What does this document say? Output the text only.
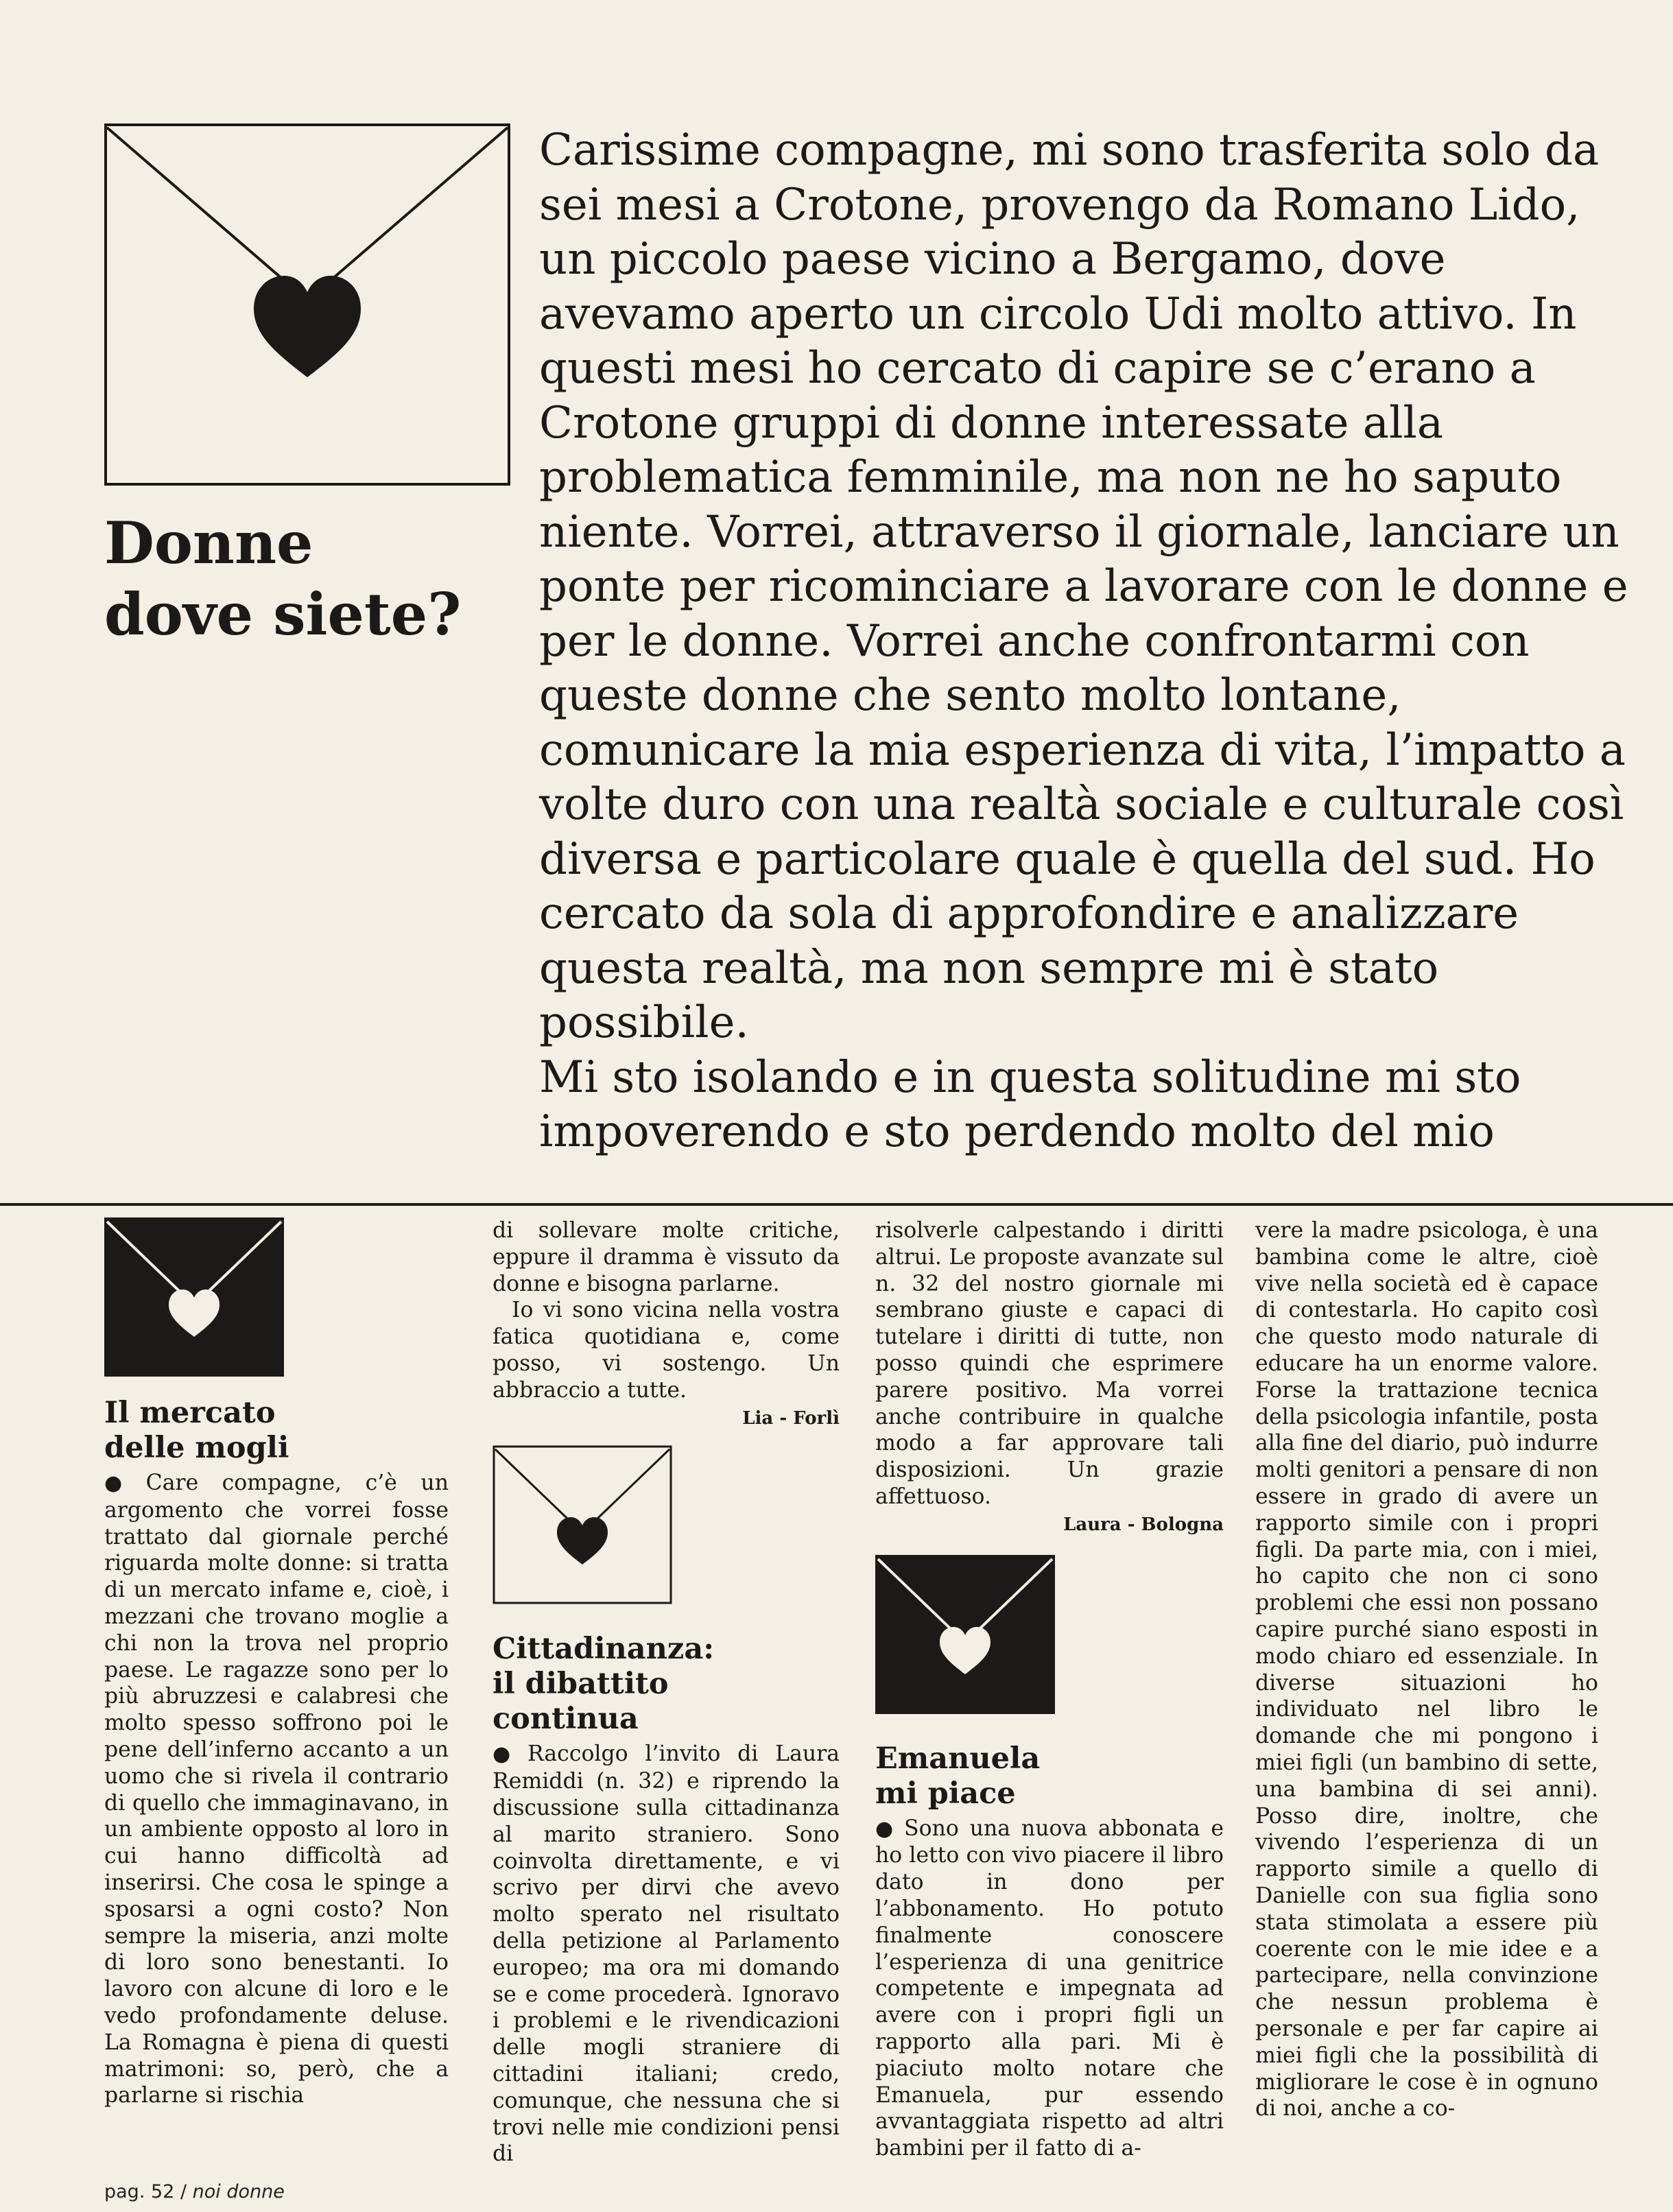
Donne
dove siete?

Carissime compagne, mi sono trasferita solo da sei mesi a Crotone, provengo da Romano Lido, un piccolo paese vicino a Bergamo, dove avevamo aperto un circolo Udi molto attivo. In questi mesi ho cercato di capire se c’erano a Crotone gruppi di donne interessate alla problematica femminile, ma non ne ho saputo niente. Vorrei, attraverso il giornale, lanciare un ponte per ricominciare a lavorare con le donne e per le donne. Vorrei anche confrontarmi con queste donne che sento molto lontane, comunicare la mia esperienza di vita, l’impatto a volte duro con una realtà sociale e culturale così diversa e particolare quale è quella del sud. Ho cercato da sola di approfondire e analizzare questa realtà, ma non sempre mi è stato possibile.

Mi sto isolando e in questa solitudine mi sto impoverendo e sto perdendo molto del mio

Il mercato
delle mogli

● Care compagne, c’è un argomento che vorrei fosse trattato dal giornale perché riguarda molte donne: si tratta di un mercato infame e, cioè, i mezzani che trovano moglie a chi non la trova nel proprio paese. Le ragazze sono per lo più abruzzesi e calabresi che molto spesso soffrono poi le pene dell’inferno accanto a un uomo che si rivela il contrario di quello che immaginavano, in un ambiente opposto al loro in cui hanno difficoltà ad inserirsi. Che cosa le spinge a sposarsi a ogni costo? Non sempre la miseria, anzi molte di loro sono benestanti. Io lavoro con alcune di loro e le vedo profondamente deluse. La Romagna è piena di questi matrimoni: so, però, che a parlarne si rischia

di sollevare molte critiche, eppure il dramma è vissuto da donne e bisogna parlarne.

Io vi sono vicina nella vostra fatica quotidiana e, come posso, vi sostengo. Un abbraccio a tutte.

Lia - Forlì

Cittadinanza:
il dibattito
continua

● Raccolgo l’invito di Laura Remiddi (n. 32) e riprendo la discussione sulla cittadinanza al marito straniero. Sono coinvolta direttamente, e vi scrivo per dirvi che avevo molto sperato nel risultato della petizione al Parlamento europeo; ma ora mi domando se e come procederà. Ignoravo i problemi e le rivendicazioni delle mogli straniere di cittadini italiani; credo, comunque, che nessuna che si trovi nelle mie condizioni pensi di

risolverle calpestando i diritti altrui. Le proposte avanzate sul n. 32 del nostro giornale mi sembrano giuste e capaci di tutelare i diritti di tutte, non posso quindi che esprimere parere positivo. Ma vorrei anche contribuire in qualche modo a far approvare tali disposizioni. Un grazie affettuoso.

Laura - Bologna

Emanuela
mi piace

● Sono una nuova abbonata e ho letto con vivo piacere il libro dato in dono per l’abbonamento. Ho potuto finalmente conoscere l’esperienza di una genitrice competente e impegnata ad avere con i propri figli un rapporto alla pari. Mi è piaciuto molto notare che Emanuela, pur essendo avvantaggiata rispetto ad altri bambini per il fatto di a-

vere la madre psicologa, è una bambina come le altre, cioè vive nella società ed è capace di contestarla. Ho capito così che questo modo naturale di educare ha un enorme valore. Forse la trattazione tecnica della psicologia infantile, posta alla fine del diario, può indurre molti genitori a pensare di non essere in grado di avere un rapporto simile con i propri figli. Da parte mia, con i miei, ho capito che non ci sono problemi che essi non possano capire purché siano esposti in modo chiaro ed essenziale. In diverse situazioni ho individuato nel libro le domande che mi pongono i miei figli (un bambino di sette, una bambina di sei anni). Posso dire, inoltre, che vivendo l’esperienza di un rapporto simile a quello di Danielle con sua figlia sono stata stimolata a essere più coerente con le mie idee e a partecipare, nella convinzione che nessun problema è personale e per far capire ai miei figli che la possibilità di migliorare le cose è in ognuno di noi, anche a co-

pag. 52 / noi donne
